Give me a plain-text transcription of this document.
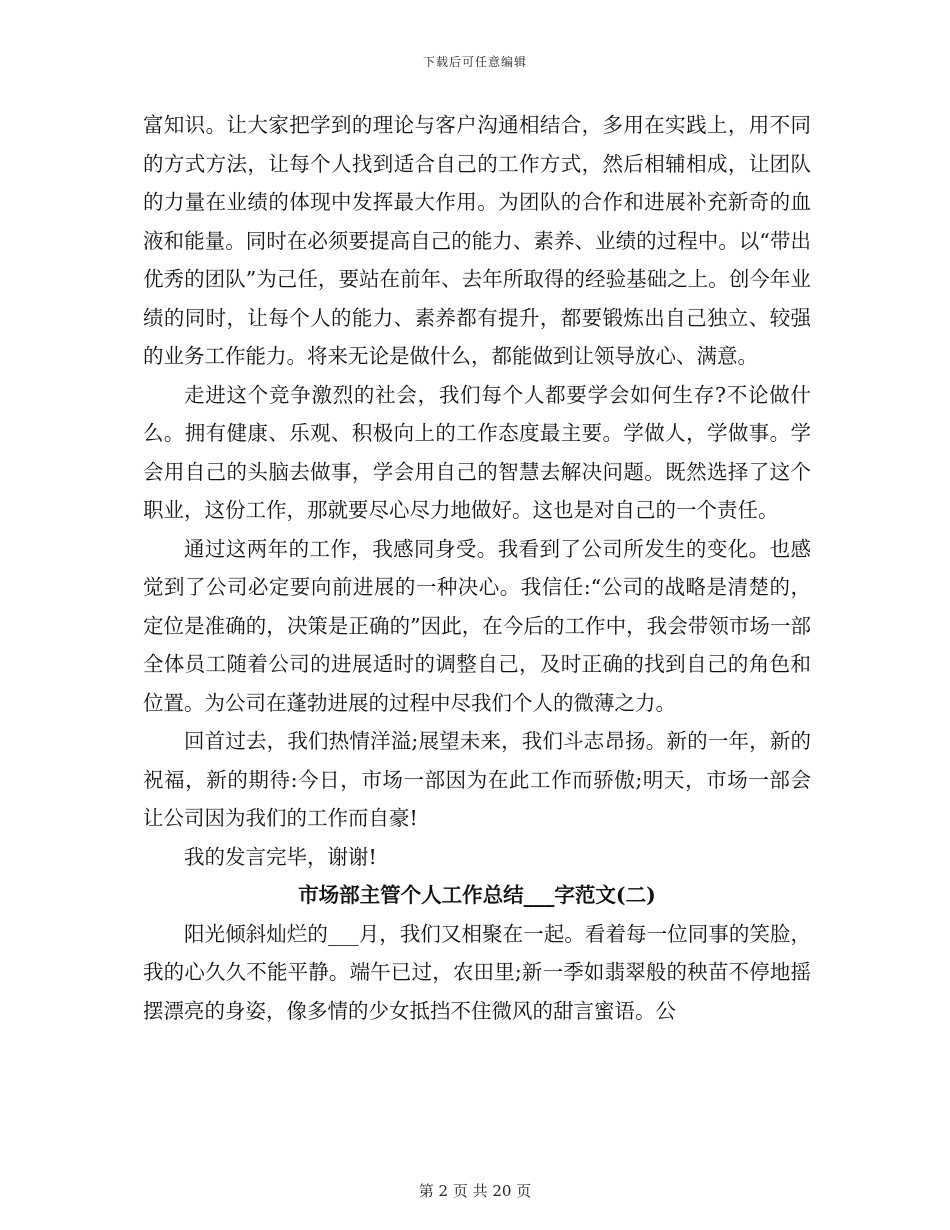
下载后可任意编辑

富知识。让大家把学到的理论与客户沟通相结合，多用在实践上，用不同的方式方法，让每个人找到适合自己的工作方式，然后相辅相成，让团队的力量在业绩的体现中发挥最大作用。为团队的合作和进展补充新奇的血液和能量。同时在必须要提高自己的能力、素养、业绩的过程中。以“带出优秀的团队”为己任，要站在前年、去年所取得的经验基础之上。创今年业绩的同时，让每个人的能力、素养都有提升，都要锻炼出自己独立、较强的业务工作能力。将来无论是做什么，都能做到让领导放心、满意。

走进这个竞争激烈的社会，我们每个人都要学会如何生存?不论做什么。拥有健康、乐观、积极向上的工作态度最主要。学做人，学做事。学会用自己的头脑去做事，学会用自己的智慧去解决问题。既然选择了这个职业，这份工作，那就要尽心尽力地做好。这也是对自己的一个责任。

通过这两年的工作，我感同身受。我看到了公司所发生的变化。也感觉到了公司必定要向前进展的一种决心。我信任:“公司的战略是清楚的，定位是准确的，决策是正确的”因此，在今后的工作中，我会带领市场一部全体员工随着公司的进展适时的调整自己，及时正确的找到自己的角色和位置。为公司在蓬勃进展的过程中尽我们个人的微薄之力。

回首过去，我们热情洋溢;展望未来，我们斗志昂扬。新的一年，新的祝福，新的期待:今日，市场一部因为在此工作而骄傲;明天，市场一部会让公司因为我们的工作而自豪!

我的发言完毕，谢谢!

市场部主管个人工作总结___字范文(二)

阳光倾斜灿烂的___月，我们又相聚在一起。看着每一位同事的笑脸，我的心久久不能平静。端午已过，农田里;新一季如翡翠般的秧苗不停地摇摆漂亮的身姿，像多情的少女抵挡不住微风的甜言蜜语。公

第 2 页 共 20 页
